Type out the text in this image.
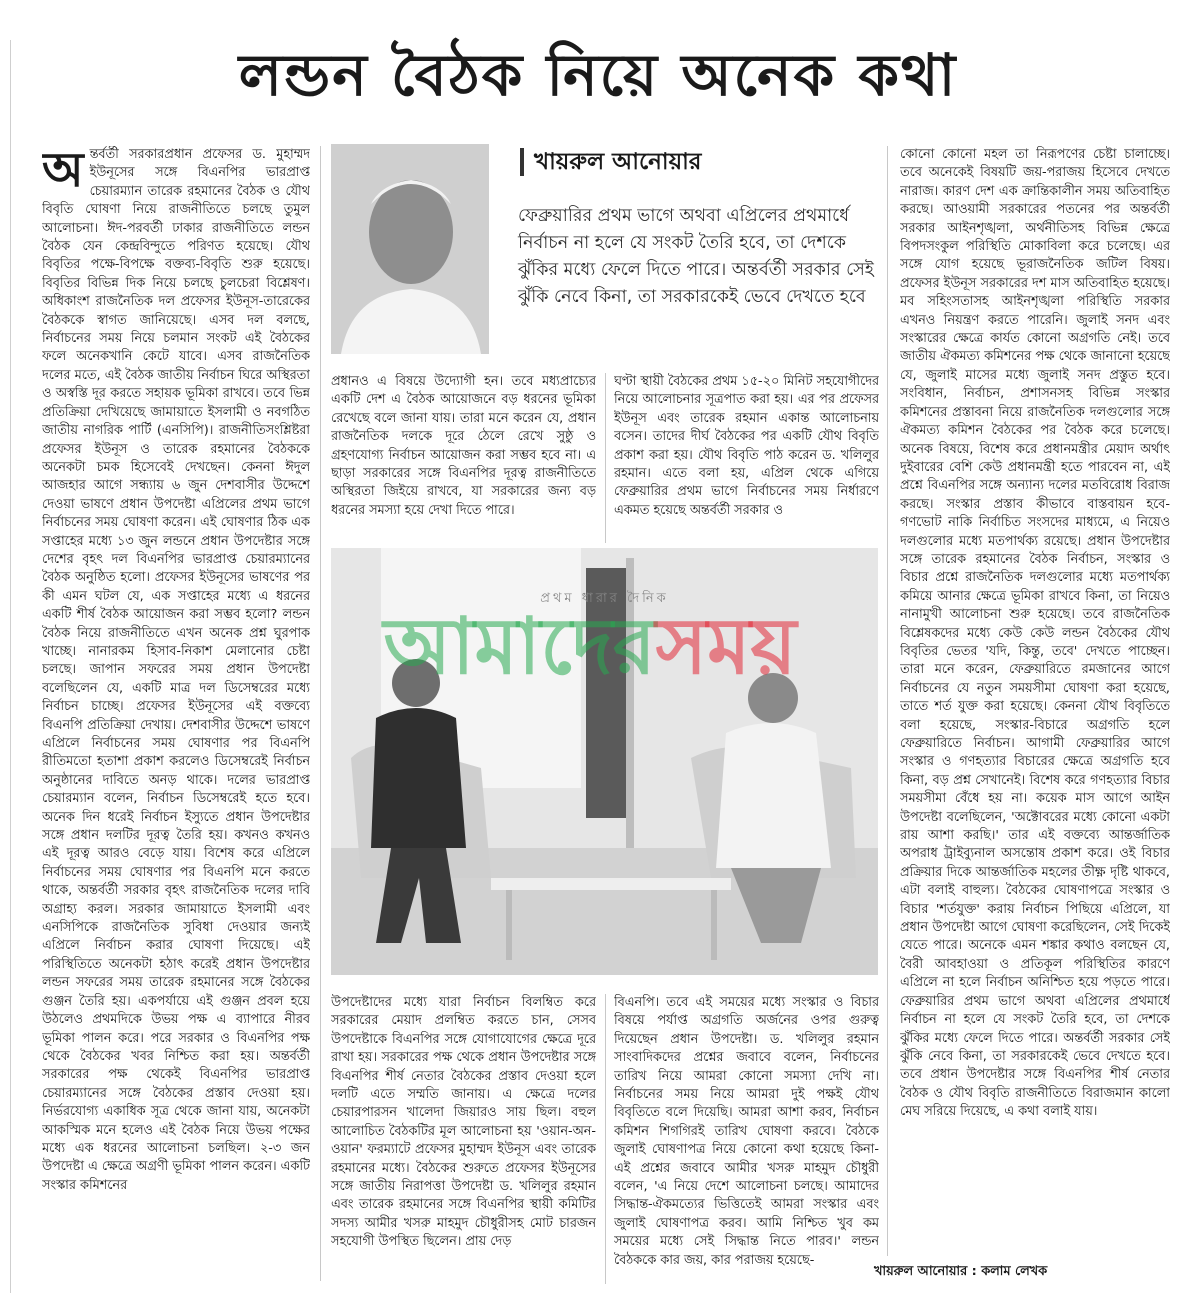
লন্ডন বৈঠক নিয়ে অনেক কথা
অ ন্তর্বর্তী সরকারপ্রধান প্রফেসর ড. মুহাম্মদ ইউনূসের সঙ্গে বিএনপির ভারপ্রাপ্ত চেয়ারম্যান তারেক রহমানের বৈঠক ও যৌথ বিবৃতি ঘোষণা নিয়ে রাজনীতিতে চলছে তুমুল আলোচনা। ঈদ-পরবর্তী ঢাকার রাজনীতিতে লন্ডন বৈঠক যেন কেন্দ্রবিন্দুতে পরিণত হয়েছে। যৌথ বিবৃতির পক্ষে-বিপক্ষে বক্তব্য-বিবৃতি শুরু হয়েছে। বিবৃতির বিভিন্ন দিক নিয়ে চলছে চুলচেরা বিশ্লেষণ। অধিকাংশ রাজনৈতিক দল প্রফেসর ইউনূস-তারেকের বৈঠককে স্বাগত জানিয়েছে। এসব দল বলছে, নির্বাচনের সময় নিয়ে চলমান সংকট এই বৈঠকের ফলে অনেকখানি কেটে যাবে। এসব রাজনৈতিক দলের মতে, এই বৈঠক জাতীয় নির্বাচন ঘিরে অস্থিরতা ও অস্বস্তি দূর করতে সহায়ক ভূমিকা রাখবে। তবে ভিন্ন প্রতিক্রিয়া দেখিয়েছে জামায়াতে ইসলামী ও নবগঠিত জাতীয় নাগরিক পার্টি (এনসিপি)। রাজনীতিসংশ্লিষ্টরা প্রফেসর ইউনূস ও তারেক রহমানের বৈঠককে অনেকটা চমক হিসেবেই দেখছেন। কেননা ঈদুল আজহার আগে সন্ধ্যায় ৬ জুন দেশবাসীর উদ্দেশে দেওয়া ভাষণে প্রধান উপদেষ্টা এপ্রিলের প্রথম ভাগে নির্বাচনের সময় ঘোষণা করেন। এই ঘোষণার ঠিক এক সপ্তাহের মধ্যে ১৩ জুন লন্ডনে প্রধান উপদেষ্টার সঙ্গে দেশের বৃহৎ দল বিএনপির ভারপ্রাপ্ত চেয়ারম্যানের বৈঠক অনুষ্ঠিত হলো। প্রফেসর ইউনূসের ভাষণের পর কী এমন ঘটল যে, এক সপ্তাহের মধ্যে এ ধরনের একটি শীর্ষ বৈঠক আয়োজন করা সম্ভব হলো? লন্ডন বৈঠক নিয়ে রাজনীতিতে এখন অনেক প্রশ্ন ঘুরপাক খাচ্ছে। নানারকম হিসাব-নিকাশ মেলানোর চেষ্টা চলছে। জাপান সফরের সময় প্রধান উপদেষ্টা বলেছিলেন যে, একটি মাত্র দল ডিসেম্বরের মধ্যে নির্বাচন চাচ্ছে। প্রফেসর ইউনূসের এই বক্তব্যে বিএনপি প্রতিক্রিয়া দেখায়। দেশবাসীর উদ্দেশে ভাষণে এপ্রিলে নির্বাচনের সময় ঘোষণার পর বিএনপি রীতিমতো হতাশা প্রকাশ করলেও ডিসেম্বরেই নির্বাচন অনুষ্ঠানের দাবিতে অনড় থাকে। দলের ভারপ্রাপ্ত চেয়ারম্যান বলেন, নির্বাচন ডিসেম্বরেই হতে হবে। অনেক দিন ধরেই নির্বাচন ইস্যুতে প্রধান উপদেষ্টার সঙ্গে প্রধান দলটির দূরত্ব তৈরি হয়। কখনও কখনও এই দূরত্ব আরও বেড়ে যায়। বিশেষ করে এপ্রিলে নির্বাচনের সময় ঘোষণার পর বিএনপি মনে করতে থাকে, অন্তর্বর্তী সরকার বৃহৎ রাজনৈতিক দলের দাবি অগ্রাহ্য করল। সরকার জামায়াতে ইসলামী এবং এনসিপিকে রাজনৈতিক সুবিধা দেওয়ার জন্যই এপ্রিলে নির্বাচন করার ঘোষণা দিয়েছে। এই পরিস্থিতিতে অনেকটা হঠাৎ করেই প্রধান উপদেষ্টার লন্ডন সফরের সময় তারেক রহমানের সঙ্গে বৈঠকের গুঞ্জন তৈরি হয়। একপর্যায়ে এই গুঞ্জন প্রবল হয়ে উঠলেও প্রথমদিকে উভয় পক্ষ এ ব্যাপারে নীরব ভূমিকা পালন করে। পরে সরকার ও বিএনপির পক্ষ থেকে বৈঠকের খবর নিশ্চিত করা হয়। অন্তর্বর্তী সরকারের পক্ষ থেকেই বিএনপির ভারপ্রাপ্ত চেয়ারম্যানের সঙ্গে বৈঠকের প্রস্তাব দেওয়া হয়। নির্ভরযোগ্য একাধিক সূত্র থেকে জানা যায়, অনেকটা আকস্মিক মনে হলেও এই বৈঠক নিয়ে উভয় পক্ষের মধ্যে এক ধরনের আলোচনা চলছিল। ২-৩ জন উপদেষ্টা এ ক্ষেত্রে অগ্রণী ভূমিকা পালন করেন। একটি সংস্কার কমিশনের

খায়রুল আনোয়ার
ফেব্রুয়ারির প্রথম ভাগে অথবা এপ্রিলের প্রথমার্ধে নির্বাচন না হলে যে সংকট তৈরি হবে, তা দেশকে ঝুঁকির মধ্যে ফেলে দিতে পারে। অন্তর্বর্তী সরকার সেই ঝুঁকি নেবে কিনা, তা সরকারকেই ভেবে দেখতে হবে

প্রধানও এ বিষয়ে উদ্যোগী হন। তবে মধ্যপ্রাচ্যের একটি দেশ এ বৈঠক আয়োজনে বড় ধরনের ভূমিকা রেখেছে বলে জানা যায়। তারা মনে করেন যে, প্রধান রাজনৈতিক দলকে দূরে ঠেলে রেখে সুষ্ঠু ও গ্রহণযোগ্য নির্বাচন আয়োজন করা সম্ভব হবে না। এ ছাড়া সরকারের সঙ্গে বিএনপির দূরত্ব রাজনীতিতে অস্থিরতা জিইয়ে রাখবে, যা সরকারের জন্য বড় ধরনের সমস্যা হয়ে দেখা দিতে পারে।

ঘণ্টা স্থায়ী বৈঠকের প্রথম ১৫-২০ মিনিট সহযোগীদের নিয়ে আলোচনার সূত্রপাত করা হয়। এর পর প্রফেসর ইউনূস এবং তারেক রহমান একান্ত আলোচনায় বসেন। তাদের দীর্ঘ বৈঠকের পর একটি যৌথ বিবৃতি প্রকাশ করা হয়। যৌথ বিবৃতি পাঠ করেন ড. খলিলুর রহমান। এতে বলা হয়, এপ্রিল থেকে এগিয়ে ফেব্রুয়ারির প্রথম ভাগে নির্বাচনের সময় নির্ধারণে একমত হয়েছে অন্তর্বর্তী সরকার ও

প্রথম ধারার দৈনিক
আমাদেরসময়

উপদেষ্টাদের মধ্যে যারা নির্বাচন বিলম্বিত করে সরকারের মেয়াদ প্রলম্বিত করতে চান, সেসব উপদেষ্টাকে বিএনপির সঙ্গে যোগাযোগের ক্ষেত্রে দূরে রাখা হয়। সরকারের পক্ষ থেকে প্রধান উপদেষ্টার সঙ্গে বিএনপির শীর্ষ নেতার বৈঠকের প্রস্তাব দেওয়া হলে দলটি এতে সম্মতি জানায়। এ ক্ষেত্রে দলের চেয়ারপারসন খালেদা জিয়ারও সায় ছিল। বহুল আলোচিত বৈঠকটির মূল আলোচনা হয় 'ওয়ান-অন-ওয়ান' ফরম্যাটে প্রফেসর মুহাম্মদ ইউনূস এবং তারেক রহমানের মধ্যে। বৈঠকের শুরুতে প্রফেসর ইউনূসের সঙ্গে জাতীয় নিরাপত্তা উপদেষ্টা ড. খলিলুর রহমান এবং তারেক রহমানের সঙ্গে বিএনপির স্থায়ী কমিটির সদস্য আমীর খসরু মাহমুদ চৌধুরীসহ মোট চারজন সহযোগী উপস্থিত ছিলেন। প্রায় দেড়

বিএনপি। তবে এই সময়ের মধ্যে সংস্কার ও বিচার বিষয়ে পর্যাপ্ত অগ্রগতি অর্জনের ওপর গুরুত্ব দিয়েছেন প্রধান উপদেষ্টা। ড. খলিলুর রহমান সাংবাদিকদের প্রশ্নের জবাবে বলেন, নির্বাচনের তারিখ নিয়ে আমরা কোনো সমস্যা দেখি না। নির্বাচনের সময় নিয়ে আমরা দুই পক্ষই যৌথ বিবৃতিতে বলে দিয়েছি। আমরা আশা করব, নির্বাচন কমিশন শিগগিরই তারিখ ঘোষণা করবে। বৈঠকে জুলাই ঘোষণাপত্র নিয়ে কোনো কথা হয়েছে কিনা- এই প্রশ্নের জবাবে আমীর খসরু মাহমুদ চৌধুরী বলেন, 'এ নিয়ে দেশে আলোচনা চলছে। আমাদের সিদ্ধান্ত-ঐকমত্যের ভিত্তিতেই আমরা সংস্কার এবং জুলাই ঘোষণাপত্র করব। আমি নিশ্চিত খুব কম সময়ের মধ্যে সেই সিদ্ধান্ত নিতে পারব।' লন্ডন বৈঠককে কার জয়, কার পরাজয় হয়েছে-

কোনো কোনো মহল তা নিরূপণের চেষ্টা চালাচ্ছে। তবে অনেকেই বিষয়টি জয়-পরাজয় হিসেবে দেখতে নারাজ। কারণ দেশ এক ক্রান্তিকালীন সময় অতিবাহিত করছে। আওয়ামী সরকারের পতনের পর অন্তর্বর্তী সরকার আইনশৃঙ্খলা, অর্থনীতিসহ বিভিন্ন ক্ষেত্রে বিপদসংকুল পরিস্থিতি মোকাবিলা করে চলেছে। এর সঙ্গে যোগ হয়েছে ভূরাজনৈতিক জটিল বিষয়। প্রফেসর ইউনূস সরকারের দশ মাস অতিবাহিত হয়েছে। মব সহিংসতাসহ আইনশৃঙ্খলা পরিস্থিতি সরকার এখনও নিয়ন্ত্রণ করতে পারেনি। জুলাই সনদ এবং সংস্কারের ক্ষেত্রে কার্যত কোনো অগ্রগতি নেই। তবে জাতীয় ঐকমত্য কমিশনের পক্ষ থেকে জানানো হয়েছে যে, জুলাই মাসের মধ্যে জুলাই সনদ প্রস্তুত হবে। সংবিধান, নির্বাচন, প্রশাসনসহ বিভিন্ন সংস্কার কমিশনের প্রস্তাবনা নিয়ে রাজনৈতিক দলগুলোর সঙ্গে ঐকমত্য কমিশন বৈঠকের পর বৈঠক করে চলেছে। অনেক বিষয়ে, বিশেষ করে প্রধানমন্ত্রীর মেয়াদ অর্থাৎ দুইবারের বেশি কেউ প্রধানমন্ত্রী হতে পারবেন না, এই প্রশ্নে বিএনপির সঙ্গে অন্যান্য দলের মতবিরোধ বিরাজ করছে। সংস্কার প্রস্তাব কীভাবে বাস্তবায়ন হবে- গণভোট নাকি নির্বাচিত সংসদের মাধ্যমে, এ নিয়েও দলগুলোর মধ্যে মতপার্থক্য রয়েছে। প্রধান উপদেষ্টার সঙ্গে তারেক রহমানের বৈঠক নির্বাচন, সংস্কার ও বিচার প্রশ্নে রাজনৈতিক দলগুলোর মধ্যে মতপার্থক্য কমিয়ে আনার ক্ষেত্রে ভূমিকা রাখবে কিনা, তা নিয়েও নানামুখী আলোচনা শুরু হয়েছে। তবে রাজনৈতিক বিশ্লেষকদের মধ্যে কেউ কেউ লন্ডন বৈঠকের যৌথ বিবৃতির ভেতর 'যদি, কিন্তু, তবে' দেখতে পাচ্ছেন। তারা মনে করেন, ফেব্রুয়ারিতে রমজানের আগে নির্বাচনের যে নতুন সময়সীমা ঘোষণা করা হয়েছে, তাতে শর্ত যুক্ত করা হয়েছে। কেননা যৌথ বিবৃতিতে বলা হয়েছে, সংস্কার-বিচারে অগ্রগতি হলে ফেব্রুয়ারিতে নির্বাচন। আগামী ফেব্রুয়ারির আগে সংস্কার ও গণহত্যার বিচারের ক্ষেত্রে অগ্রগতি হবে কিনা, বড় প্রশ্ন সেখানেই। বিশেষ করে গণহত্যার বিচার সময়সীমা বেঁধে হয় না। কয়েক মাস আগে আইন উপদেষ্টা বলেছিলেন, 'অক্টোবরের মধ্যে কোনো একটা রায় আশা করছি।' তার এই বক্তব্যে আন্তর্জাতিক অপরাধ ট্রাইব্যুনাল অসন্তোষ প্রকাশ করে। ওই বিচার প্রক্রিয়ার দিকে আন্তর্জাতিক মহলের তীক্ষ্ণ দৃষ্টি থাকবে, এটা বলাই বাহুল্য। বৈঠকের ঘোষণাপত্রে সংস্কার ও বিচার 'শর্তযুক্ত' করায় নির্বাচন পিছিয়ে এপ্রিলে, যা প্রধান উপদেষ্টা আগে ঘোষণা করেছিলেন, সেই দিকেই যেতে পারে। অনেকে এমন শঙ্কার কথাও বলছেন যে, বৈরী আবহাওয়া ও প্রতিকূল পরিস্থিতির কারণে এপ্রিলে না হলে নির্বাচন অনিশ্চিত হয়ে পড়তে পারে। ফেব্রুয়ারির প্রথম ভাগে অথবা এপ্রিলের প্রথমার্ধে নির্বাচন না হলে যে সংকট তৈরি হবে, তা দেশকে ঝুঁকির মধ্যে ফেলে দিতে পারে। অন্তর্বর্তী সরকার সেই ঝুঁকি নেবে কিনা, তা সরকারকেই ভেবে দেখতে হবে। তবে প্রধান উপদেষ্টার সঙ্গে বিএনপির শীর্ষ নেতার বৈঠক ও যৌথ বিবৃতি রাজনীতিতে বিরাজমান কালো মেঘ সরিয়ে দিয়েছে, এ কথা বলাই যায়।

খায়রুল আনোয়ার : কলাম লেখক
